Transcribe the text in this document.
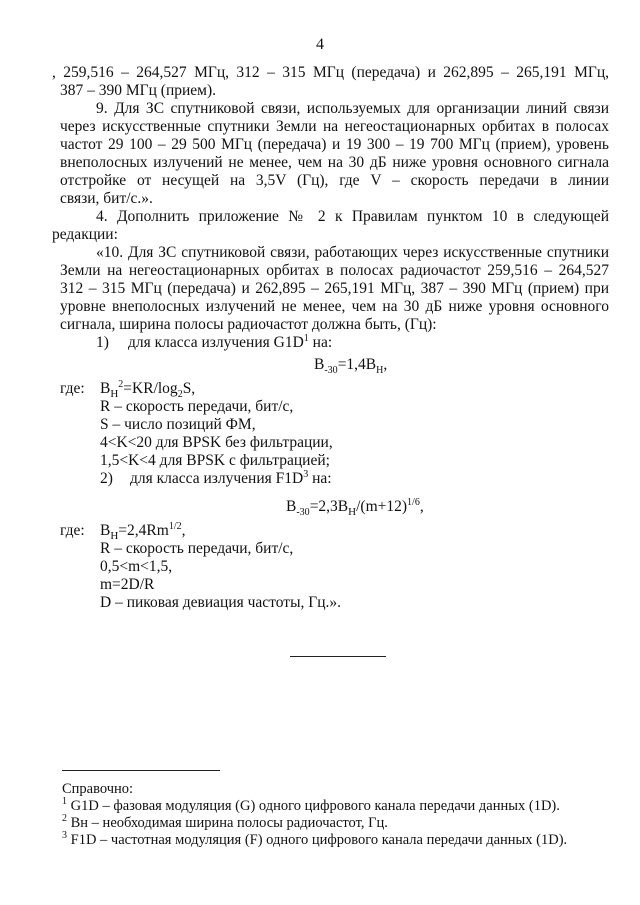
4
, 259,516 – 264,527 МГц, 312 – 315 МГц (передача) и 262,895 – 265,191 МГц,
387 – 390 МГц (прием).
9. Для ЗС спутниковой связи, используемых для организации линий связи
через искусственные спутники Земли на негеостационарных орбитах в полосах
частот 29 100 – 29 500 МГц (передача) и 19 300 – 19 700 МГц (прием), уровень
внеполосных излучений не менее, чем на 30 дБ ниже уровня основного сигнала
отстройке от несущей на 3,5V (Гц), где V – скорость передачи в линии
связи, бит/с.».
4. Дополнить приложение № 2 к Правилам пунктом 10 в следующей
редакции:
«10. Для ЗС спутниковой связи, работающих через искусственные спутники
Земли на негеостационарных орбитах в полосах радиочастот 259,516 – 264,527
312 – 315 МГц (передача) и 262,895 – 265,191 МГц, 387 – 390 МГц (прием) при
уровне внеполосных излучений не менее, чем на 30 дБ ниже уровня основного
сигнала, ширина полосы радиочастот должна быть, (Гц):
1) для класса излучения $G1D^1$ на:
$B_{-30}=1,4B_H$,
где: $B_H^2=KR/\log_2S$,
R – скорость передачи, бит/с,
S – число позиций ФМ,
4<K<20 для BPSK без фильтрации,
1,5<K<4 для BPSK с фильтрацией;
2) для класса излучения $F1D^3$ на:
$B_{-30}=2,3B_H/(m+12)^{1/6}$,
где: $B_H=2,4Rm^{1/2}$,
R – скорость передачи, бит/с,
0,5<m<1,5,
m=2D/R
D – пиковая девиация частоты, Гц.».
Справочно:
$^1$ G1D – фазовая модуляция (G) одного цифрового канала передачи данных (1D).
$^2$ Bн – необходимая ширина полосы радиочастот, Гц.
$^3$ F1D – частотная модуляция (F) одного цифрового канала передачи данных (1D).
